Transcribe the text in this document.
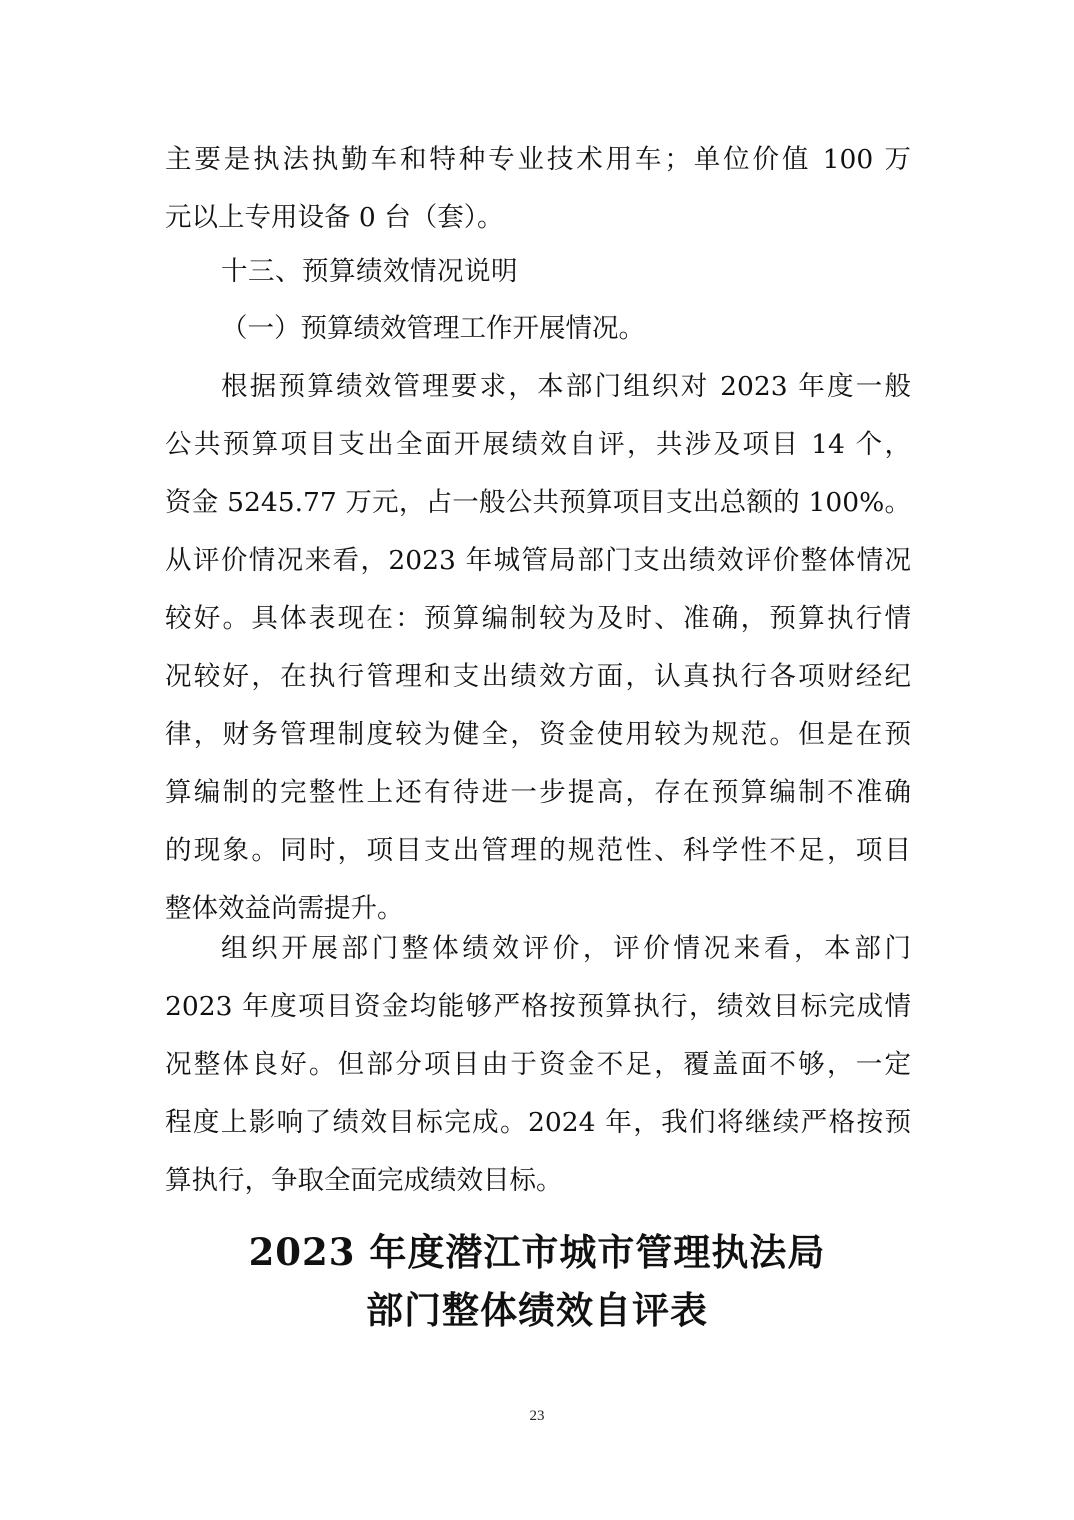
主要是执法执勤车和特种专业技术用车；单位价值 100 万
元以上专用设备 0 台（套）。
十三、预算绩效情况说明
（一）预算绩效管理工作开展情况。
根据预算绩效管理要求，本部门组织对 2023 年度一般
公共预算项目支出全面开展绩效自评，共涉及项目 14 个，
资金 5245.77 万元，占一般公共预算项目支出总额的 100%。
从评价情况来看，2023 年城管局部门支出绩效评价整体情况
较好。具体表现在：预算编制较为及时、准确，预算执行情
况较好，在执行管理和支出绩效方面，认真执行各项财经纪
律，财务管理制度较为健全，资金使用较为规范。但是在预
算编制的完整性上还有待进一步提高，存在预算编制不准确
的现象。同时，项目支出管理的规范性、科学性不足，项目
整体效益尚需提升。
组织开展部门整体绩效评价，评价情况来看，本部门
2023 年度项目资金均能够严格按预算执行，绩效目标完成情
况整体良好。但部分项目由于资金不足，覆盖面不够，一定
程度上影响了绩效目标完成。2024 年，我们将继续严格按预
算执行，争取全面完成绩效目标。
2023 年度潜江市城市管理执法局
部门整体绩效自评表
23
